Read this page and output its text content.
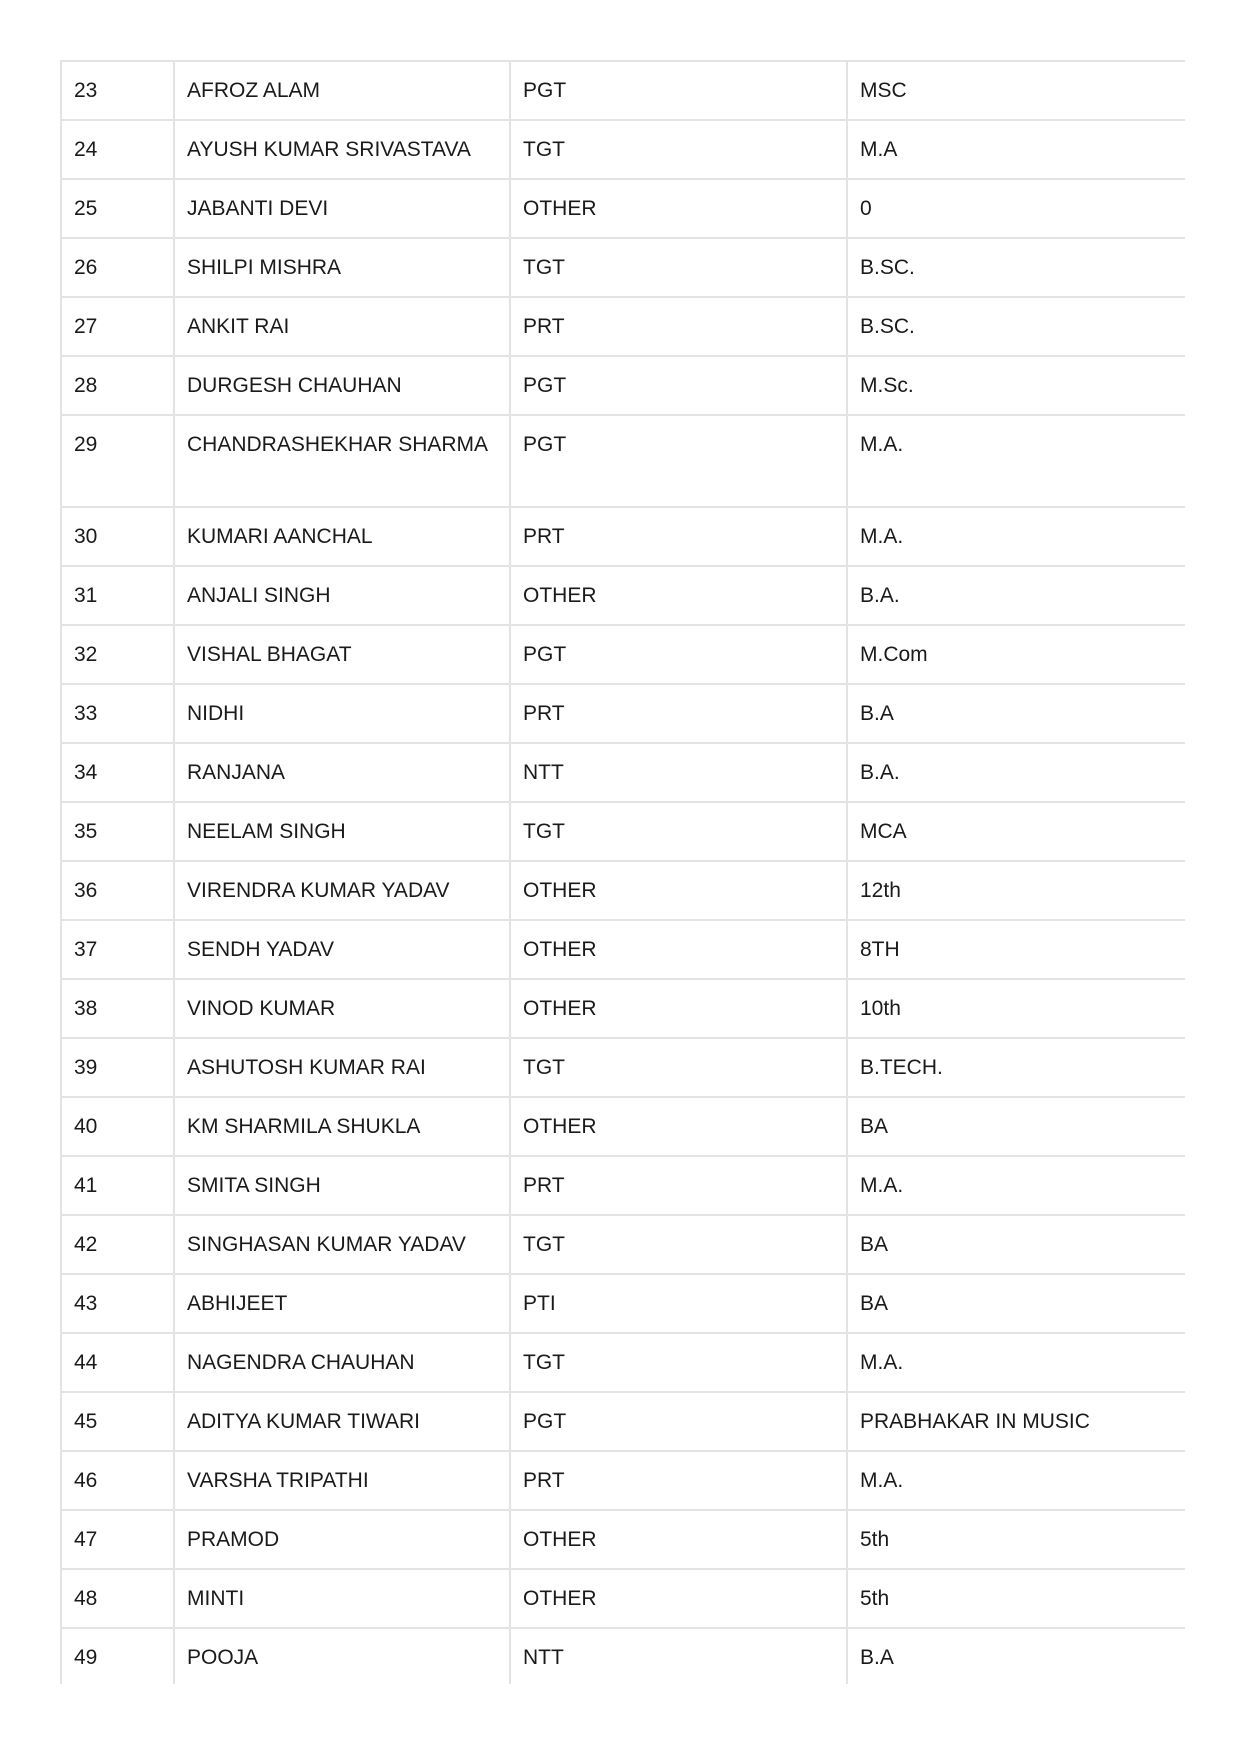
23	AFROZ ALAM	PGT	MSC
24	AYUSH KUMAR SRIVASTAVA	TGT	M.A
25	JABANTI DEVI	OTHER	0
26	SHILPI MISHRA	TGT	B.SC.
27	ANKIT RAI	PRT	B.SC.
28	DURGESH CHAUHAN	PGT	M.Sc.
29	CHANDRASHEKHAR SHARMA	PGT	M.A.
30	KUMARI AANCHAL	PRT	M.A.
31	ANJALI SINGH	OTHER	B.A.
32	VISHAL BHAGAT	PGT	M.Com
33	NIDHI	PRT	B.A
34	RANJANA	NTT	B.A.
35	NEELAM SINGH	TGT	MCA
36	VIRENDRA KUMAR YADAV	OTHER	12th
37	SENDH YADAV	OTHER	8TH
38	VINOD KUMAR	OTHER	10th
39	ASHUTOSH KUMAR RAI	TGT	B.TECH.
40	KM SHARMILA SHUKLA	OTHER	BA
41	SMITA SINGH	PRT	M.A.
42	SINGHASAN KUMAR YADAV	TGT	BA
43	ABHIJEET	PTI	BA
44	NAGENDRA CHAUHAN	TGT	M.A.
45	ADITYA KUMAR TIWARI	PGT	PRABHAKAR IN MUSIC
46	VARSHA TRIPATHI	PRT	M.A.
47	PRAMOD	OTHER	5th
48	MINTI	OTHER	5th
49	POOJA	NTT	B.A
